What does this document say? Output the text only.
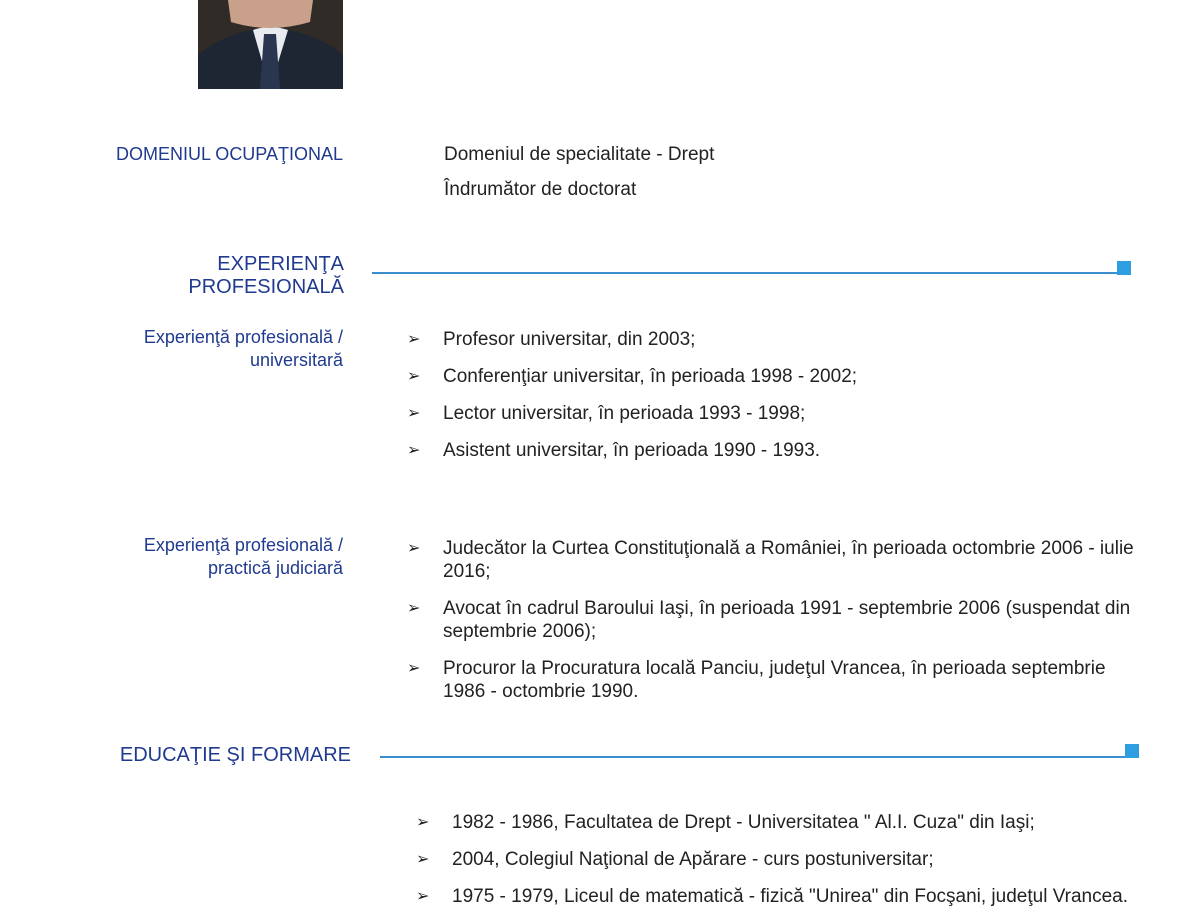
DOMENIUL OCUPAŢIONAL	Domeniul de specialitate - Drept
Îndrumător de doctorat
EXPERIENŢA
PROFESIONALĂ
Experienţă profesională /
universitară
➢	Profesor universitar, din 2003;
➢	Conferenţiar universitar, în perioada 1998 - 2002;
➢	Lector universitar, în perioada 1993 - 1998;
➢	Asistent universitar, în perioada 1990 - 1993.
Experienţă profesională /
practică judiciară
➢	Judecător la Curtea Constituţională a României, în perioada octombrie 2006 - iulie
2016;
➢	Avocat în cadrul Baroului Iaşi, în perioada 1991 - septembrie 2006 (suspendat din
septembrie 2006);
➢	Procuror la Procuratura locală Panciu, judeţul Vrancea, în perioada septembrie
1986 - octombrie 1990.
EDUCAŢIE ŞI FORMARE
➢	1982 - 1986, Facultatea de Drept - Universitatea " Al.I. Cuza" din Iaşi;
➢	2004, Colegiul Naţional de Apărare - curs postuniversitar;
➢	1975 - 1979, Liceul de matematică - fizică "Unirea" din Focşani, judeţul Vrancea.
